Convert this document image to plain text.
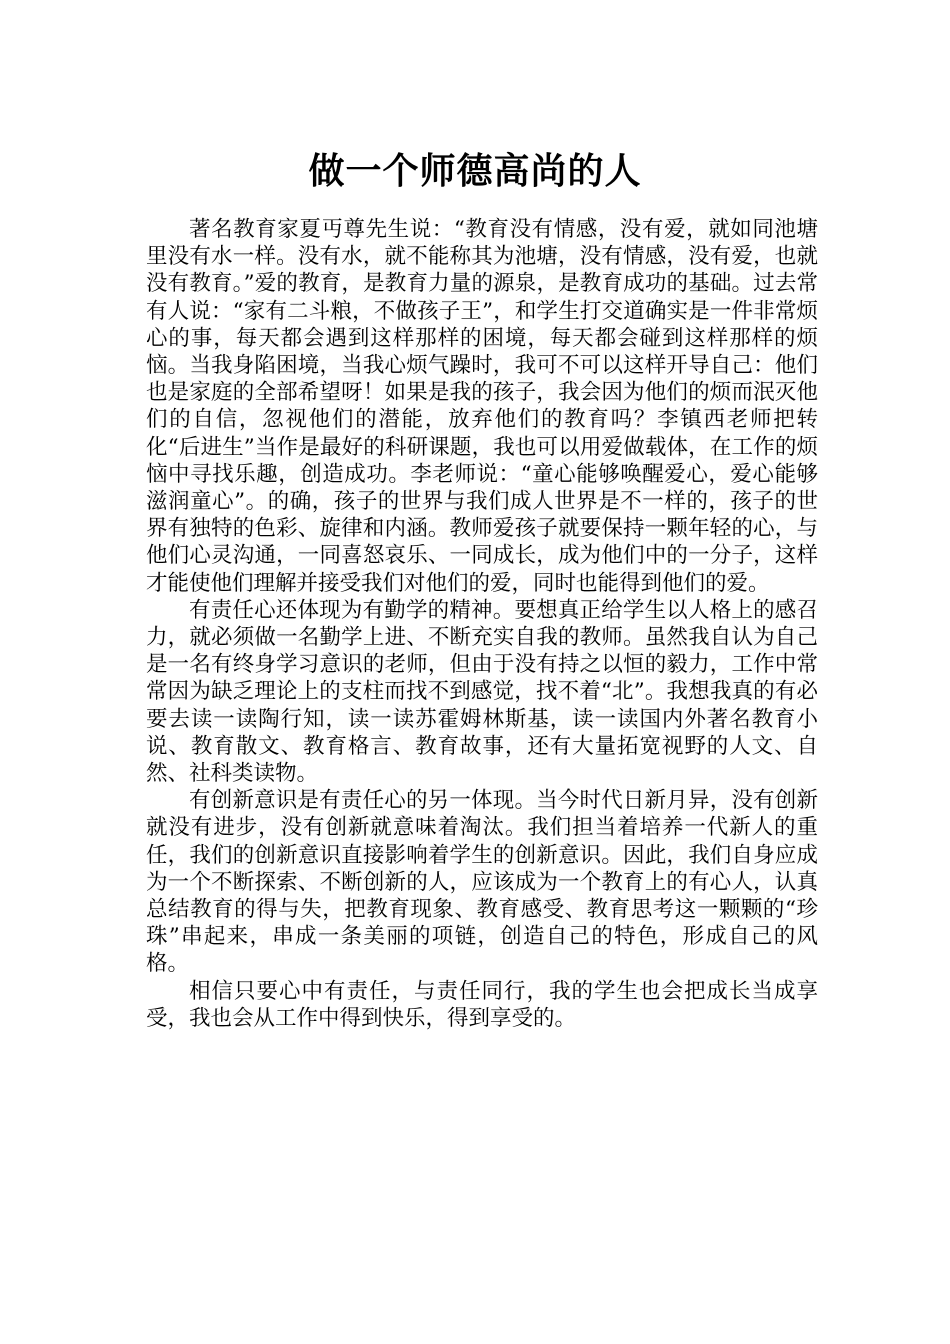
做一个师德高尚的人

著名教育家夏丏尊先生说：“教育没有情感，没有爱，就如同池塘里没有水一样。没有水，就不能称其为池塘，没有情感，没有爱，也就没有教育。”爱的教育，是教育力量的源泉，是教育成功的基础。过去常有人说：“家有二斗粮，不做孩子王”，和学生打交道确实是一件非常烦心的事，每天都会遇到这样那样的困境，每天都会碰到这样那样的烦恼。当我身陷困境，当我心烦气躁时，我可不可以这样开导自己：他们也是家庭的全部希望呀！如果是我的孩子，我会因为他们的烦而泯灭他们的自信，忽视他们的潜能，放弃他们的教育吗？李镇西老师把转化“后进生”当作是最好的科研课题，我也可以用爱做载体，在工作的烦恼中寻找乐趣，创造成功。李老师说：“童心能够唤醒爱心，爱心能够滋润童心”。的确，孩子的世界与我们成人世界是不一样的，孩子的世界有独特的色彩、旋律和内涵。教师爱孩子就要保持一颗年轻的心，与他们心灵沟通，一同喜怒哀乐、一同成长，成为他们中的一分子，这样才能使他们理解并接受我们对他们的爱，同时也能得到他们的爱。

有责任心还体现为有勤学的精神。要想真正给学生以人格上的感召力，就必须做一名勤学上进、不断充实自我的教师。虽然我自认为自己是一名有终身学习意识的老师，但由于没有持之以恒的毅力，工作中常常因为缺乏理论上的支柱而找不到感觉，找不着“北”。我想我真的有必要去读一读陶行知，读一读苏霍姆林斯基，读一读国内外著名教育小说、教育散文、教育格言、教育故事，还有大量拓宽视野的人文、自然、社科类读物。

有创新意识是有责任心的另一体现。当今时代日新月异，没有创新就没有进步，没有创新就意味着淘汰。我们担当着培养一代新人的重任，我们的创新意识直接影响着学生的创新意识。因此，我们自身应成为一个不断探索、不断创新的人，应该成为一个教育上的有心人，认真总结教育的得与失，把教育现象、教育感受、教育思考这一颗颗的“珍珠”串起来，串成一条美丽的项链，创造自己的特色，形成自己的风格。

相信只要心中有责任，与责任同行，我的学生也会把成长当成享受，我也会从工作中得到快乐，得到享受的。
